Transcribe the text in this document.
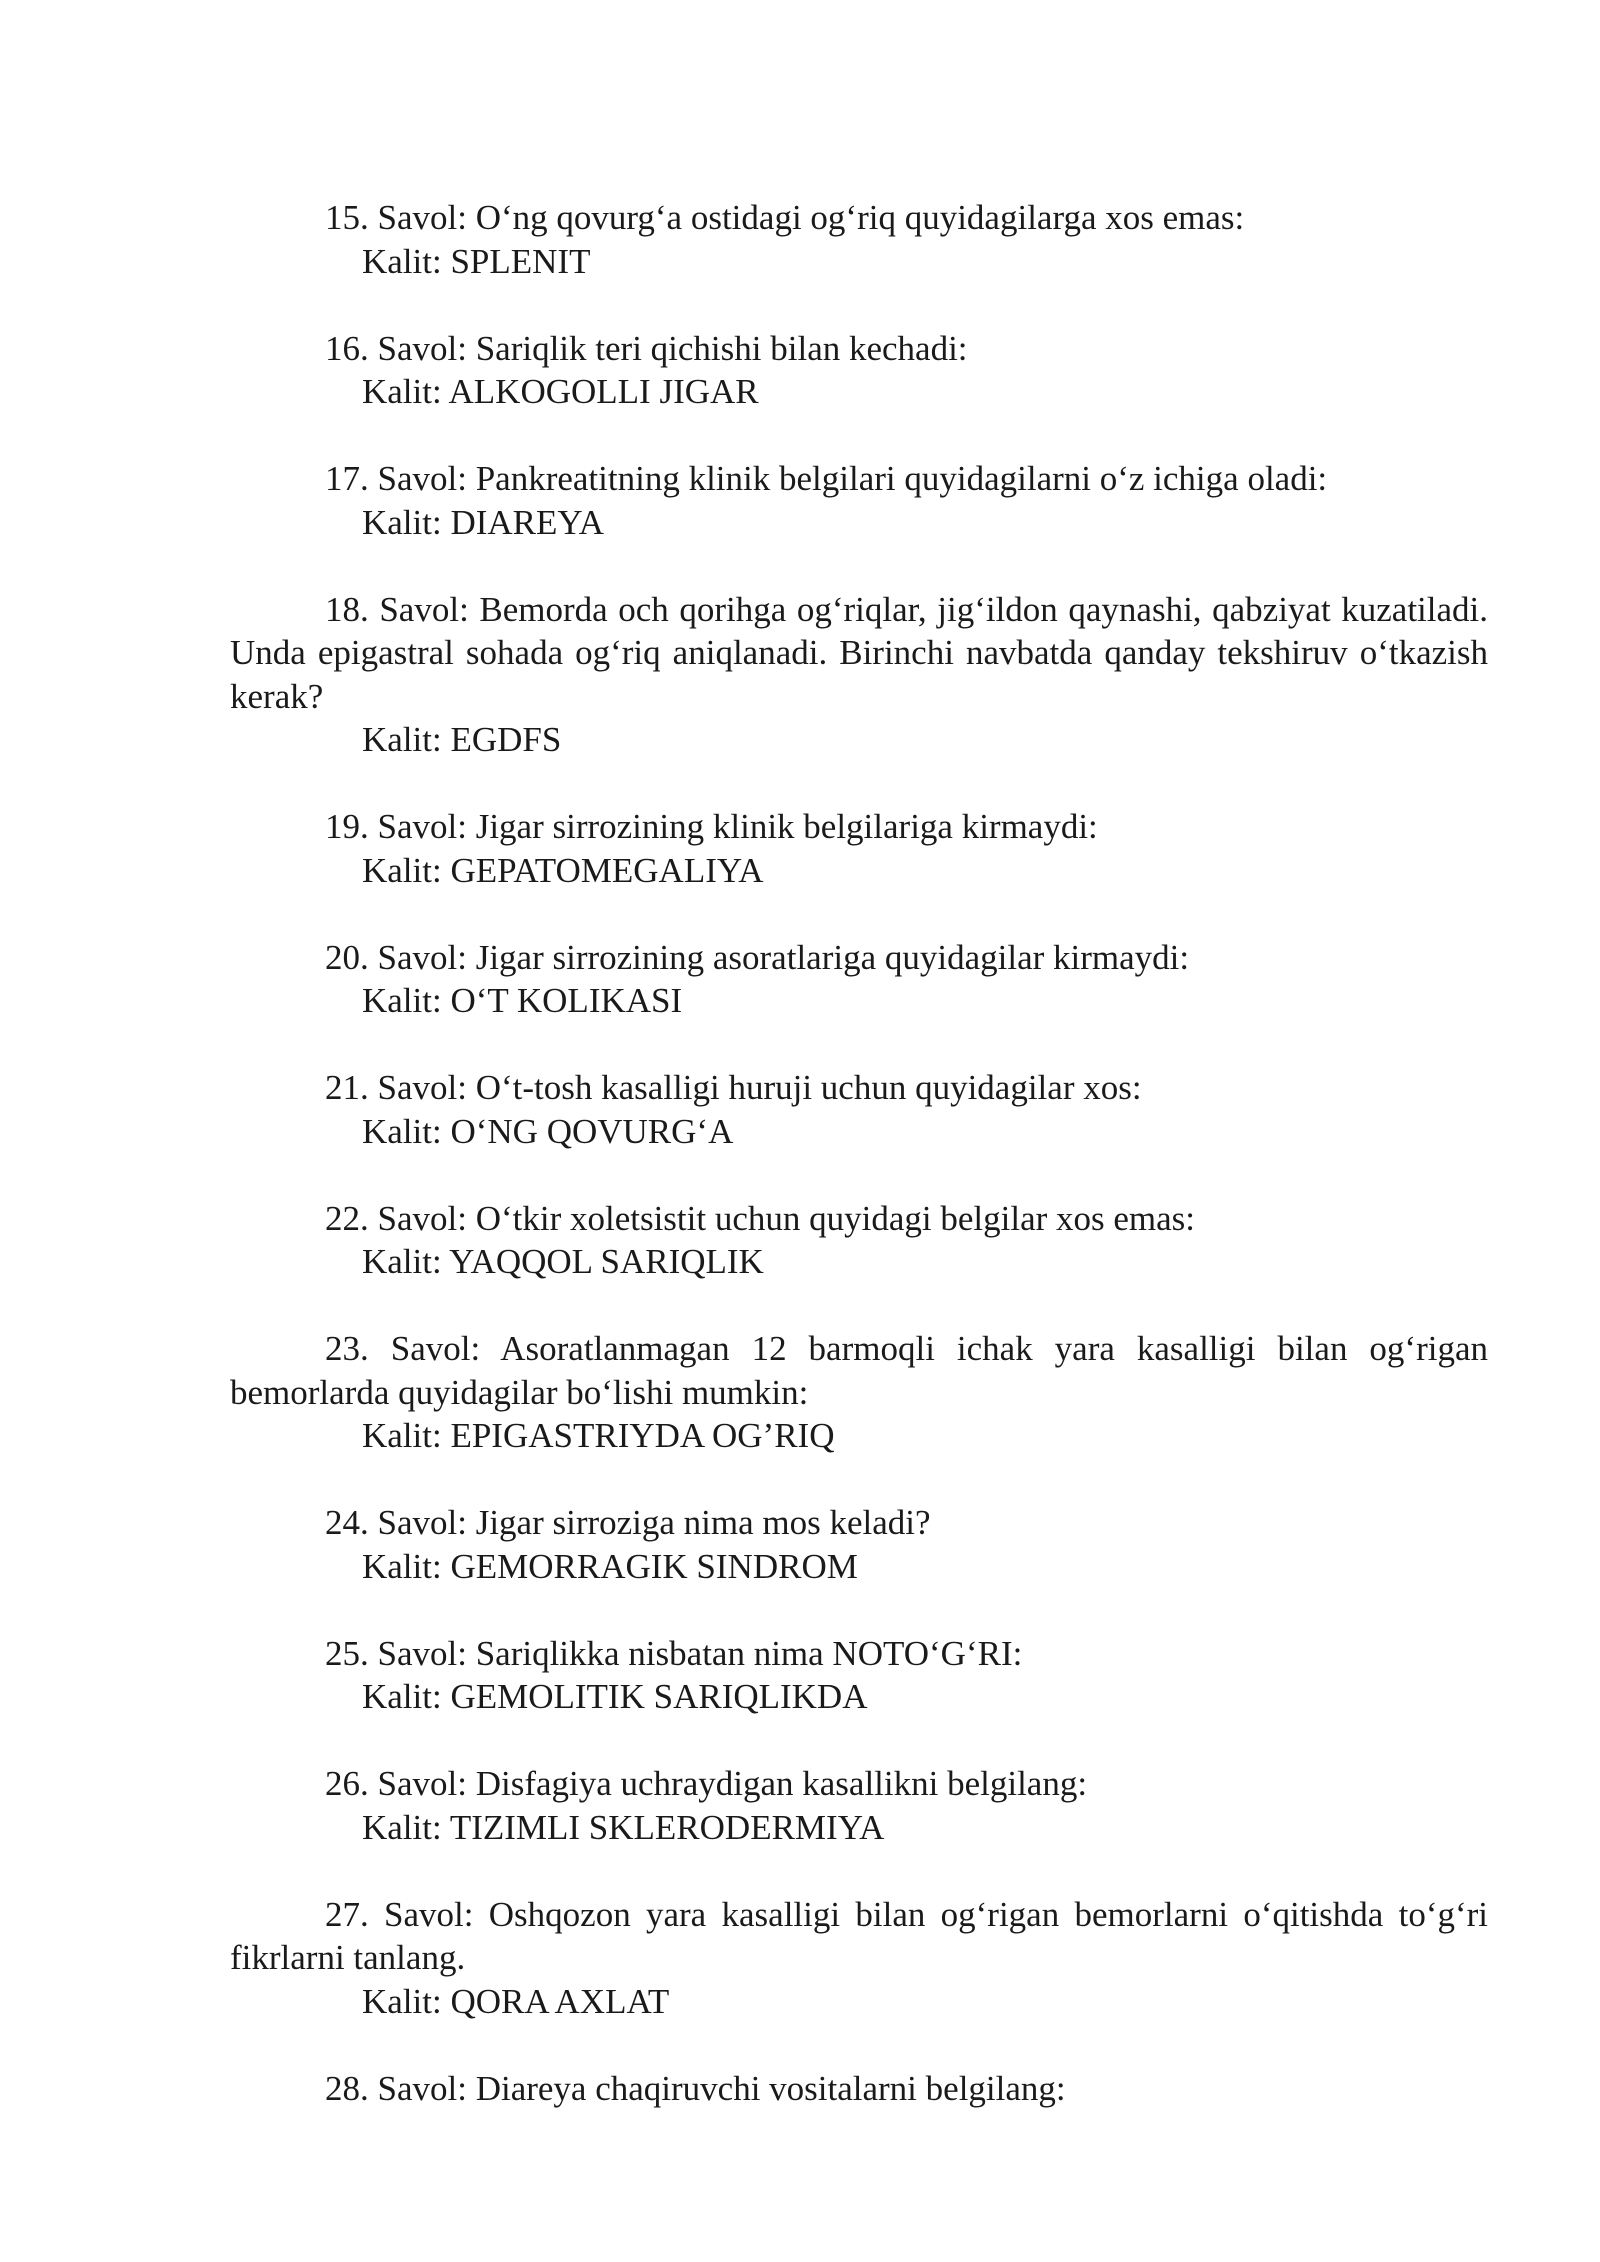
15. Savol: O‘ng qovurg‘a ostidagi og‘riq quyidagilarga xos emas:

Kalit: SPLENIT

16. Savol: Sariqlik teri qichishi bilan kechadi:

Kalit: ALKOGOLLI JIGAR

17. Savol: Pankreatitning klinik belgilari quyidagilarni o‘z ichiga oladi:

Kalit: DIAREYA

18. Savol: Bemorda och qorihga og‘riqlar, jig‘ildon qaynashi, qabziyat kuzatiladi. Unda epigastral sohada og‘riq aniqlanadi. Birinchi navbatda qanday tekshiruv o‘tkazish kerak?

Kalit: EGDFS

19. Savol: Jigar sirrozining klinik belgilariga kirmaydi:

Kalit: GEPATOMEGALIYA

20. Savol: Jigar sirrozining asoratlariga quyidagilar kirmaydi:

Kalit: O‘T KOLIKASI

21. Savol: O‘t-tosh kasalligi huruji uchun quyidagilar xos:

Kalit: O‘NG QOVURG‘A

22. Savol: O‘tkir xoletsistit uchun quyidagi belgilar xos emas:

Kalit: YAQQOL SARIQLIK

23. Savol: Asoratlanmagan 12 barmoqli ichak yara kasalligi bilan og‘rigan bemorlarda quyidagilar bo‘lishi mumkin:

Kalit: EPIGASTRIYDA OG’RIQ

24. Savol: Jigar sirroziga nima mos keladi?

Kalit: GEMORRAGIK SINDROM

25. Savol: Sariqlikka nisbatan nima NOTO‘G‘RI:

Kalit: GEMOLITIK SARIQLIKDA

26. Savol: Disfagiya uchraydigan kasallikni belgilang:

Kalit: TIZIMLI SKLERODERMIYA

27. Savol: Oshqozon yara kasalligi bilan og‘rigan bemorlarni o‘qitishda to‘g‘ri fikrlarni tanlang.

Kalit: QORA AXLAT

28. Savol: Diareya chaqiruvchi vositalarni belgilang:
